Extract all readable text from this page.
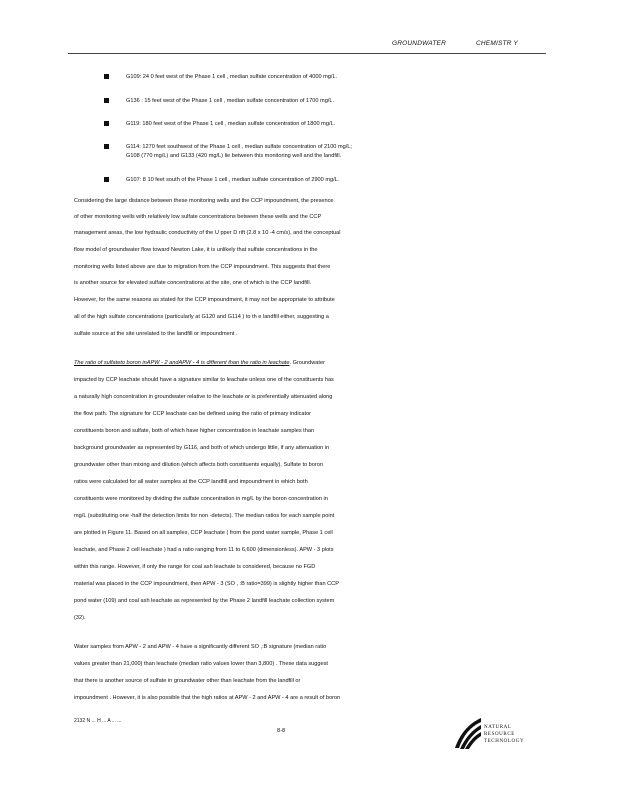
GROUNDWATER	CHEMISTR Y
G109: 24 0 feet west of the Phase 1 cell , median sulfate concentration of 4000 mg/L.
G136 : 15 feet west of the Phase 1 cell , median sulfate concentration of 1700 mg/L.
G119: 180 feet west of the Phase 1 cell , median sulfate concentration of 1800 mg/L.
G114: 1270 feet southwest of the Phase 1 cell , median sulfate concentration of 2100 mg/L;
G108 (770 mg/L) and G133 (420 mg/L) lie between this monitoring well and the landfill.
G107: 8 10 feet south of the Phase 1 cell , median sulfate concentration of 2900 mg/L.
Considering the large distance between these monitoring wells and the CCP impoundment, the presence
of other monitoring wells with relatively low sulfate concentrations between these wells and the CCP
management areas, the low hydraulic conductivity of the U pper D rift (2.8 x 10 -4 cm/s), and the conceptual
flow model of groundwater flow toward Newton Lake, it is unlikely that sulfate concentrations in the
monitoring wells listed above are due to migration from the CCP impoundment. This suggests that there
is another source for elevated sulfate concentrations at the site, one of which is the CCP landfill.
However, for the same reasons as stated for the CCP impoundment, it may not be appropriate to attribute
all of the high sulfate concentrations (particularly at G120 and G114 ) to th e landfill either, suggesting a
sulfate source at the site unrelated to the landfill or impoundment .
The ratio of sulfateto boron inAPW - 2 andAPW - 4 is different than the ratio in leachate. Groundwater
impacted by CCP leachate should have a signature similar to leachate unless one of the constituents has
a naturally high concentration in groundwater relative to the leachate or is preferentially attenuated along
the flow path. The signature for CCP leachate can be defined using the ratio of primary indicator
constituents boron and sulfate, both of which have higher concentration in leachate samples than
background groundwater as represented by G116, and both of which undergo little, if any attenuation in
groundwater other than mixing and dilution (which affects both constituents equally). Sulfate to boron
ratios were calculated for all water samples at the CCP landfill and impoundment in which both
constituents were monitored by dividing the sulfate concentration in mg/L by the boron concentration in
mg/L (substituting one -half the detection limits for non -detects). The median ratios for each sample point
are plotted in Figure 11. Based on all samples, CCP leachate ( from the pond water sample, Phase 1 cell
leachate, and Phase 2 cell leachate ) had a ratio ranging from 11 to 6,600 (dimensionless). APW - 3 plots
within this range. However, if only the range for coal ash leachate is considered, because no FGD
material was placed in the CCP impoundment, then APW - 3 (SO , :B ratio=399) is slightly higher than CCP
pond water (109) and coal ash leachate as represented by the Phase 2 landfill leachate collection system
(32).
Water samples from APW - 2 and APW - 4 have a significantly different SO ,:B signature (median ratio
values greater than 21,000) than leachate (median ratio values lower than 3,800) . These data suggest
that there is another source of sulfate in groundwater other than leachate from the landfill or
impoundment . However, it is also possible that the high ratios at APW - 2 and APW - 4 are a result of boron
2132 N ... H ... A ... ...
8-8
NATURAL
RESOURCE
TECHNOLOGY
